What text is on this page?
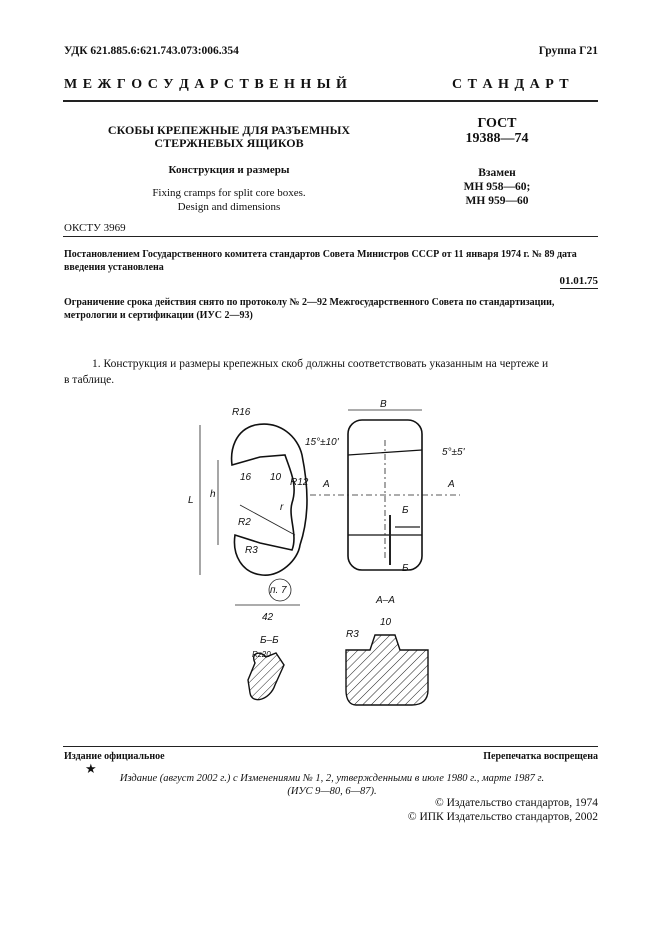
УДК 621.885.6:621.743.073:006.354	Группа Г21
М Е Ж Г О С У Д А Р С Т В Е Н Н Ы Й	С Т А Н Д А Р Т
СКОБЫ КРЕПЕЖНЫЕ ДЛЯ РАЗЪЕМНЫХ
СТЕРЖНЕВЫХ ЯЩИКОВ
Конструкция и размеры
Fixing cramps for split core boxes.
Design and dimensions
ГОСТ
19388—74
Взамен
МН 958—60;
МН 959—60
ОКСТУ 3969
Постановлением Государственного комитета стандартов Совета Министров СССР от 11 января 1974 г. № 89 дата
введения установлена
01.01.75
Ограничение срока действия снято по протоколу № 2—92 Межгосударственного Совета по стандартизации,
метрологии и сертификации (ИУС 2—93)
1. Конструкция и размеры крепежных скоб должны соответствовать указанным на чертеже и
в таблице.
R16
15°±10'
16 10 R12
L
h
r
R2
R3
п. 7
42
B
5°±5'
A	A
Б
Б
А–А
10
R3
Б–Б
Rz20
Издание официальное	Перепечатка воспрещена
★
Издание (август 2002 г.) с Изменениями № 1, 2, утвержденными в июле 1980 г., марте 1987 г.
(ИУС 9—80, 6—87).
© Издательство стандартов, 1974
© ИПК Издательство стандартов, 2002
